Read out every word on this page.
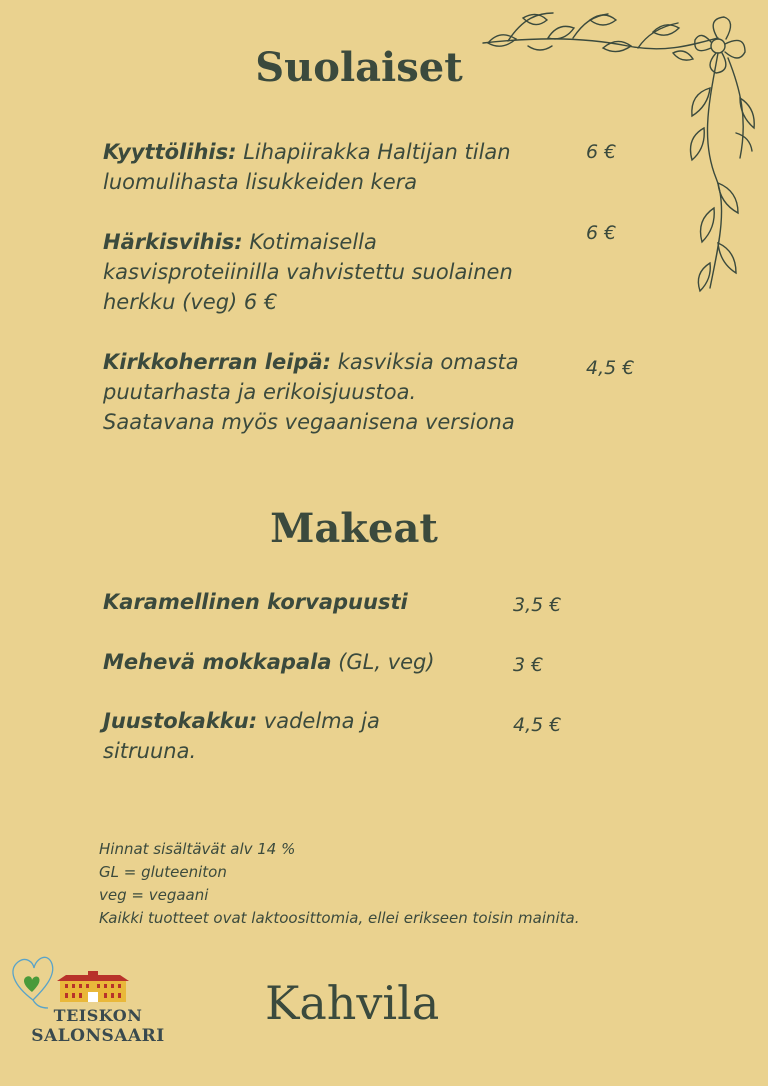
Suolaiset
Kyyttölihis: Lihapiirakka Haltijan tilan luomulihasta lisukkeiden kera
6 €
Härkisvihis: Kotimaisella kasvisproteiinilla vahvistettu suolainen herkku (veg) 6 €
6 €
Kirkkoherran leipä: kasviksia omasta puutarhasta ja erikoisjuustoa. Saatavana myös vegaanisena versiona
4,5 €
Makeat
Karamellinen korvapuusti	3,5 €
Mehevä mokkapala (GL, veg)	3 €
Juustokakku: vadelma ja sitruuna.
4,5 €
Hinnat sisältävät alv 14 %
GL = gluteeniton
veg = vegaani
Kaikki tuotteet ovat laktoosittomia, ellei erikseen toisin mainita.
TEISKON
SALONSAARI
Kahvila
